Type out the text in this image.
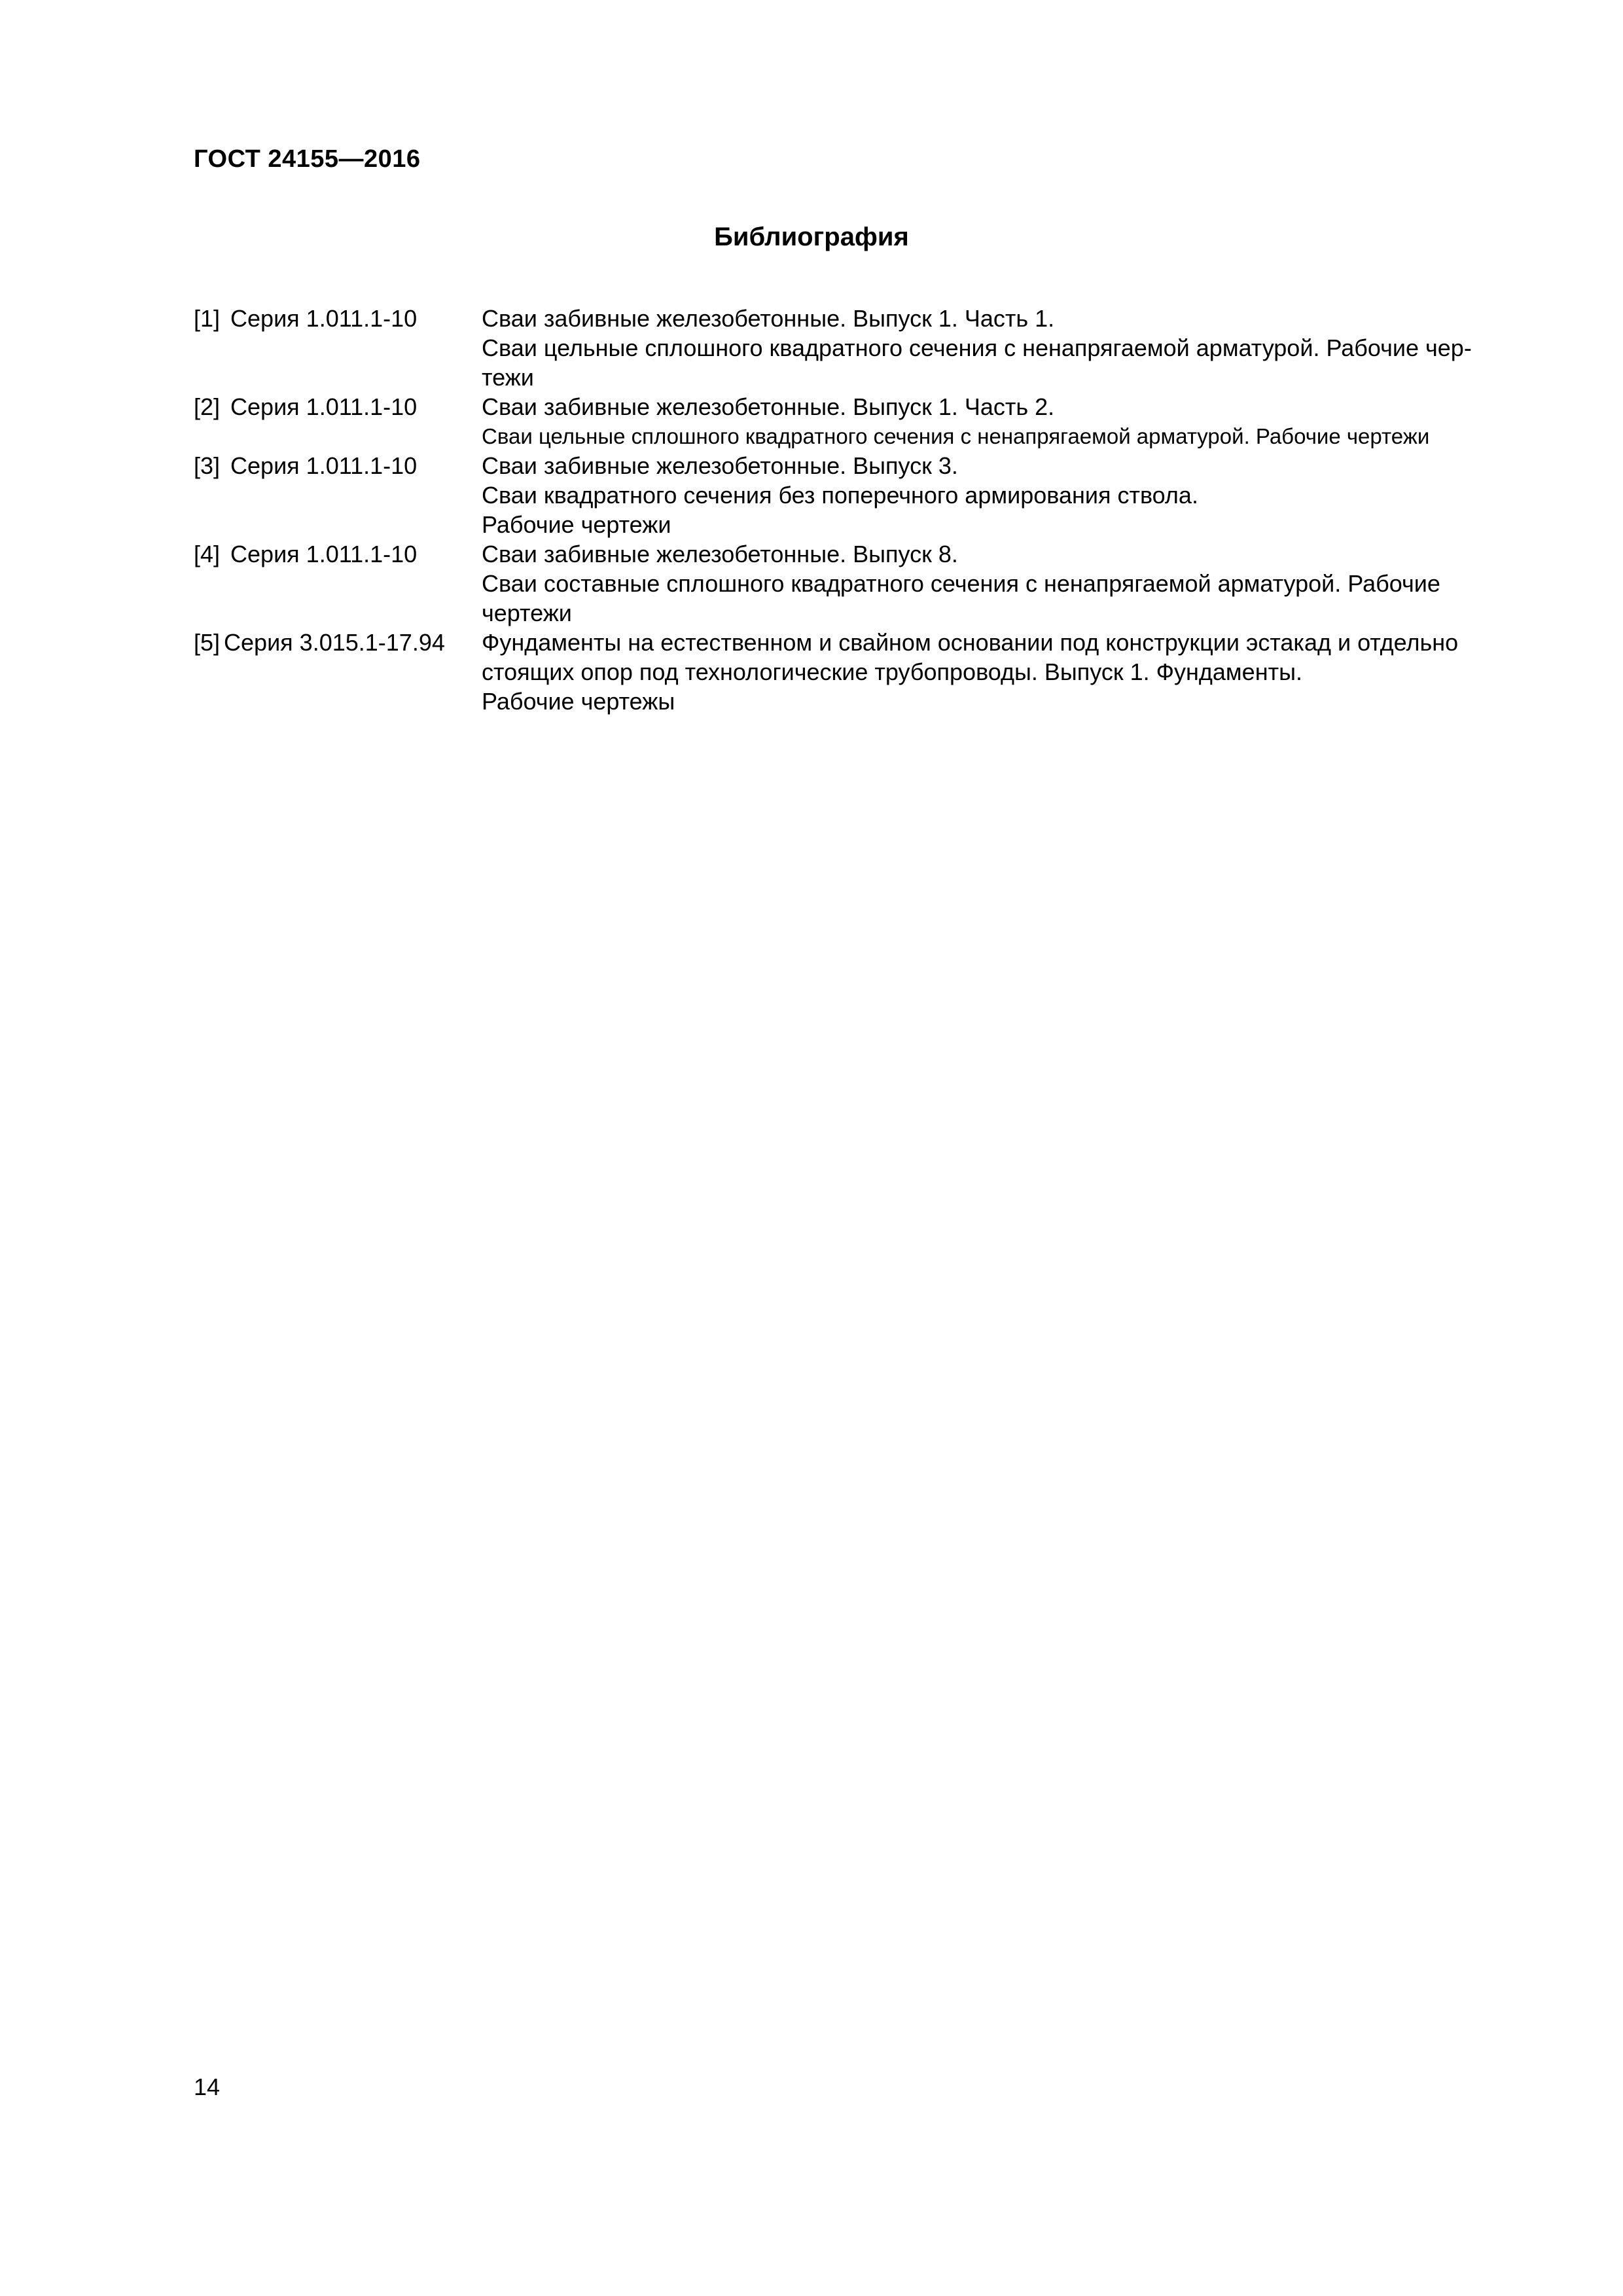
ГОСТ 24155—2016
Библиография
[1] Серия 1.011.1-10	Сваи забивные железобетонные. Выпуск 1. Часть 1.
Сваи цельные сплошного квадратного сечения с ненапрягаемой арматурой. Рабочие чер-
тежи
[2] Серия 1.011.1-10	Сваи забивные железобетонные. Выпуск 1. Часть 2.
Сваи цельные сплошного квадратного сечения с ненапрягаемой арматурой. Рабочие чертежи
[3] Серия 1.011.1-10	Сваи забивные железобетонные. Выпуск 3.
Сваи квадратного сечения без поперечного армирования ствола.
Рабочие чертежи
[4] Серия 1.011.1-10	Сваи забивные железобетонные. Выпуск 8.
Сваи составные сплошного квадратного сечения с ненапрягаемой арматурой. Рабочие
чертежи
[5] Серия 3.015.1-17.94	Фундаменты на естественном и свайном основании под конструкции эстакад и отдельно
стоящих опор под технологические трубопроводы. Выпуск 1. Фундаменты.
Рабочие чертежы
14
